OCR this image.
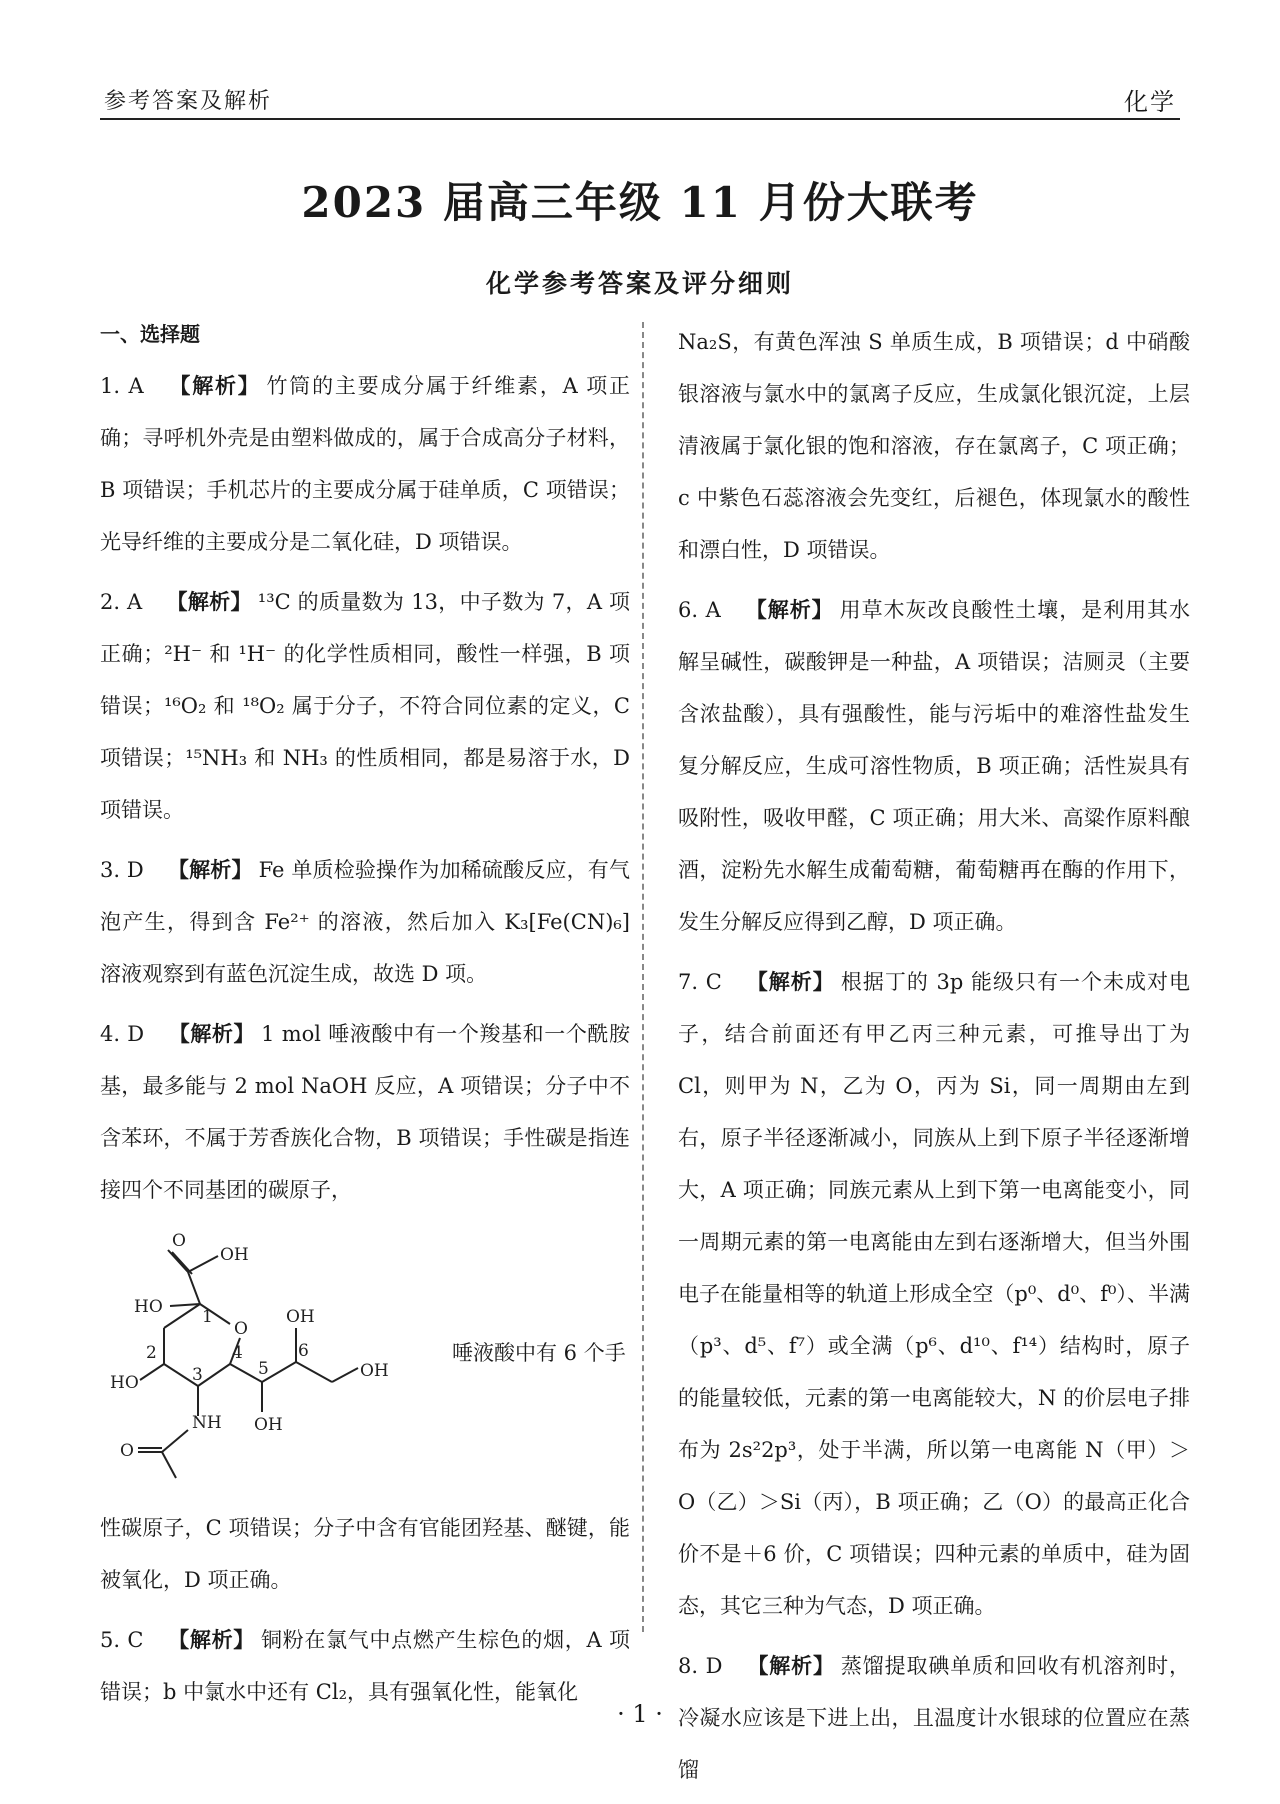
参考答案及解析	化学
2023 届高三年级 11 月份大联考
化学参考答案及评分细则
一、选择题
1. A 【解析】 竹筒的主要成分属于纤维素，A 项正确；寻呼机外壳是由塑料做成的，属于合成高分子材料，B 项错误；手机芯片的主要成分属于硅单质，C 项错误；光导纤维的主要成分是二氧化硅，D 项错误。
2. A 【解析】 ¹³C 的质量数为 13，中子数为 7，A 项正确；²H⁻ 和 ¹H⁻ 的化学性质相同，酸性一样强，B 项错误；¹⁶O₂ 和 ¹⁸O₂ 属于分子，不符合同位素的定义，C 项错误；¹⁵NH₃ 和 NH₃ 的性质相同，都是易溶于水，D 项错误。
3. D 【解析】 Fe 单质检验操作为加稀硫酸反应，有气泡产生，得到含 Fe²⁺ 的溶液，然后加入 K₃[Fe(CN)₆] 溶液观察到有蓝色沉淀生成，故选 D 项。
4. D 【解析】 1 mol 唾液酸中有一个羧基和一个酰胺基，最多能与 2 mol NaOH 反应，A 项错误；分子中不含苯环，不属于芳香族化合物，B 项错误；手性碳是指连接四个不同基团的碳原子，
O
OH
HO
O
HO
NH
O
OH
OH
OH
1
2
3
4
5
6	唾液酸中有 6 个手
性碳原子，C 项错误；分子中含有官能团羟基、醚键，能被氧化，D 项正确。
5. C 【解析】 铜粉在氯气中点燃产生棕色的烟，A 项错误；b 中氯水中还有 Cl₂，具有强氧化性，能氧化
Na₂S，有黄色浑浊 S 单质生成，B 项错误；d 中硝酸银溶液与氯水中的氯离子反应，生成氯化银沉淀，上层清液属于氯化银的饱和溶液，存在氯离子，C 项正确；c 中紫色石蕊溶液会先变红，后褪色，体现氯水的酸性和漂白性，D 项错误。
6. A 【解析】 用草木灰改良酸性土壤，是利用其水解呈碱性，碳酸钾是一种盐，A 项错误；洁厕灵（主要含浓盐酸），具有强酸性，能与污垢中的难溶性盐发生复分解反应，生成可溶性物质，B 项正确；活性炭具有吸附性，吸收甲醛，C 项正确；用大米、高粱作原料酿酒，淀粉先水解生成葡萄糖，葡萄糖再在酶的作用下，发生分解反应得到乙醇，D 项正确。
7. C 【解析】 根据丁的 3p 能级只有一个未成对电子，结合前面还有甲乙丙三种元素，可推导出丁为 Cl，则甲为 N，乙为 O，丙为 Si，同一周期由左到右，原子半径逐渐减小，同族从上到下原子半径逐渐增大，A 项正确；同族元素从上到下第一电离能变小，同一周期元素的第一电离能由左到右逐渐增大，但当外围电子在能量相等的轨道上形成全空（p⁰、d⁰、f⁰）、半满（p³、d⁵、f⁷）或全满（p⁶、d¹⁰、f¹⁴）结构时，原子的能量较低，元素的第一电离能较大，N 的价层电子排布为 2s²2p³，处于半满，所以第一电离能 N（甲）＞O（乙）＞Si（丙），B 项正确；乙（O）的最高正化合价不是＋6 价，C 项错误；四种元素的单质中，硅为固态，其它三种为气态，D 项正确。
8. D 【解析】 蒸馏提取碘单质和回收有机溶剂时，冷凝水应该是下进上出，且温度计水银球的位置应在蒸馏
· 1 ·
